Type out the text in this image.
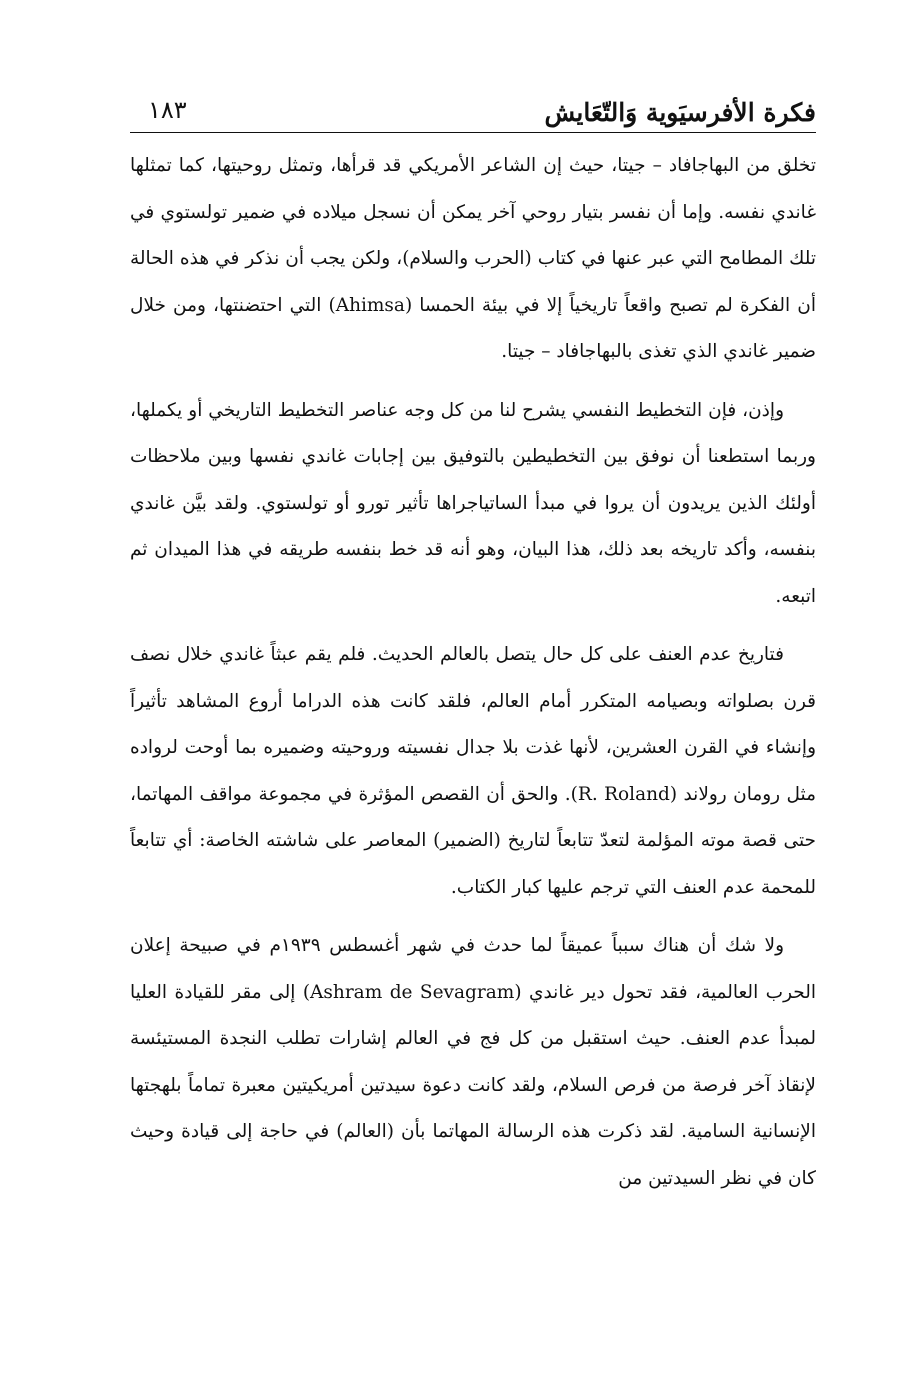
فكرة الأفرسيَوية وَالتّعَايش
١٨٣

تخلق من البهاجافاد – جيتا، حيث إن الشاعر الأمريكي قد قرأها، وتمثل روحيتها، كما تمثلها غاندي نفسه. وإما أن نفسر بتيار روحي آخر يمكن أن نسجل ميلاده في ضمير تولستوي في تلك المطامح التي عبر عنها في كتاب (الحرب والسلام)، ولكن يجب أن نذكر في هذه الحالة أن الفكرة لم تصبح واقعاً تاريخياً إلا في بيئة الحمسا (Ahimsa) التي احتضنتها، ومن خلال ضمير غاندي الذي تغذى بالبهاجافاد – جيتا.

وإذن، فإن التخطيط النفسي يشرح لنا من كل وجه عناصر التخطيط التاريخي أو يكملها، وربما استطعنا أن نوفق بين التخطيطين بالتوفيق بين إجابات غاندي نفسها وبين ملاحظات أولئك الذين يريدون أن يروا في مبدأ الساتياجراها تأثير تورو أو تولستوي. ولقد بيَّن غاندي بنفسه، وأكد تاريخه بعد ذلك، هذا البيان، وهو أنه قد خط بنفسه طريقه في هذا الميدان ثم اتبعه.

فتاريخ عدم العنف على كل حال يتصل بالعالم الحديث. فلم يقم عبثاً غاندي خلال نصف قرن بصلواته وبصيامه المتكرر أمام العالم، فلقد كانت هذه الدراما أروع المشاهد تأثيراً وإنشاء في القرن العشرين، لأنها غذت بلا جدال نفسيته وروحيته وضميره بما أوحت لرواده مثل رومان رولاند (R. Roland). والحق أن القصص المؤثرة في مجموعة مواقف المهاتما، حتى قصة موته المؤلمة لتعدّ تتابعاً لتاريخ (الضمير) المعاصر على شاشته الخاصة: أي تتابعاً للمحمة عدم العنف التي ترجم عليها كبار الكتاب.

ولا شك أن هناك سبباً عميقاً لما حدث في شهر أغسطس ١٩٣٩م في صبيحة إعلان الحرب العالمية، فقد تحول دير غاندي (Ashram de Sevagram) إلى مقر للقيادة العليا لمبدأ عدم العنف. حيث استقبل من كل فج في العالم إشارات تطلب النجدة المستيئسة لإنقاذ آخر فرصة من فرص السلام، ولقد كانت دعوة سيدتين أمريكيتين معبرة تماماً بلهجتها الإنسانية السامية. لقد ذكرت هذه الرسالة المهاتما بأن (العالم) في حاجة إلى قيادة وحيث كان في نظر السيدتين من
